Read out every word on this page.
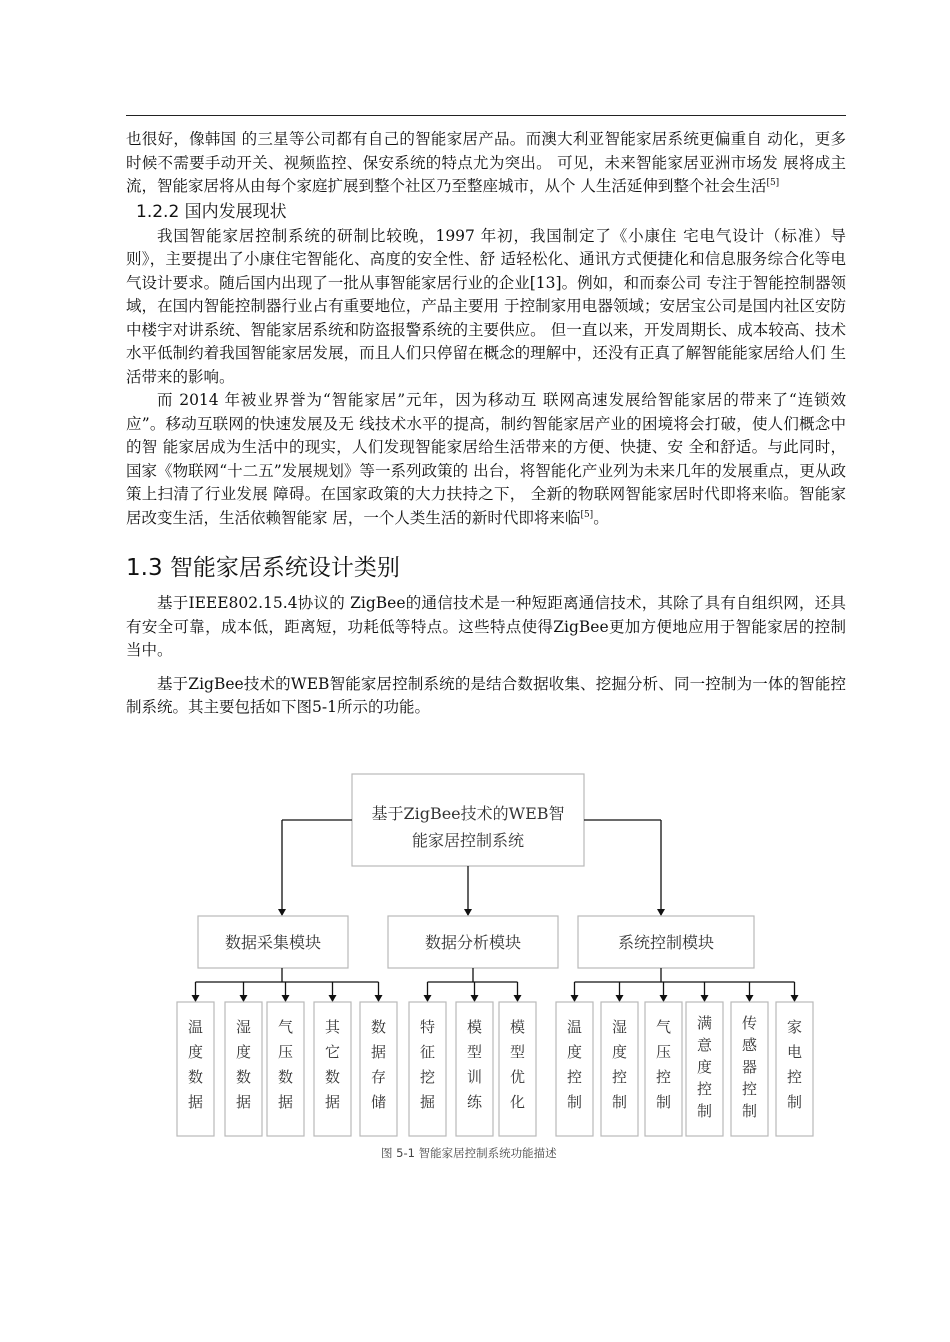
也很好，像韩国 的三星等公司都有自己的智能家居产品。而澳大利亚智能家居系统更偏重自 动化，更多时候不需要手动开关、视频监控、保安系统的特点尤为突出。 可见，未来智能家居亚洲市场发 展将成主流，智能家居将从由每个家庭扩展到整个社区乃至整座城市，从个 人生活延伸到整个社会生活[5]

1.2.2 国内发展现状

我国智能家居控制系统的研制比较晚，1997 年初，我国制定了《小康住 宅电气设计（标准）导则》，主要提出了小康住宅智能化、高度的安全性、舒 适轻松化、通讯方式便捷化和信息服务综合化等电气设计要求。随后国内出现了一批从事智能家居行业的企业[13]。例如，和而泰公司 专注于智能控制器领域，在国内智能控制器行业占有重要地位，产品主要用 于控制家用电器领域；安居宝公司是国内社区安防中楼宇对讲系统、智能家居系统和防盗报警系统的主要供应。 但一直以来，开发周期长、成本较高、技术水平低制约着我国智能家居发展，而且人们只停留在概念的理解中，还没有正真了解智能能家居给人们 生活带来的影响。

而 2014 年被业界誉为“智能家居”元年，因为移动互 联网高速发展给智能家居的带来了“连锁效应”。移动互联网的快速发展及无 线技术水平的提高，制约智能家居产业的困境将会打破，使人们概念中的智 能家居成为生活中的现实，人们发现智能家居给生活带来的方便、快捷、安 全和舒适。与此同时，国家《物联网“十二五”发展规划》等一系列政策的 出台，将智能化产业列为未来几年的发展重点，更从政策上扫清了行业发展 障碍。在国家政策的大力扶持之下， 全新的物联网智能家居时代即将来临。智能家居改变生活，生活依赖智能家 居，一个人类生活的新时代即将来临[5]。

1.3 智能家居系统设计类别

基于IEEE802.15.4协议的 ZigBee的通信技术是一种短距离通信技术，其除了具有自组织网，还具有安全可靠，成本低，距离短，功耗低等特点。这些特点使得ZigBee更加方便地应用于智能家居的控制当中。

基于ZigBee技术的WEB智能家居控制系统的是结合数据收集、挖掘分析、同一控制为一体的智能控制系统。其主要包括如下图5-1所示的功能。

基于ZigBee技术的WEB智
能家居控制系统
数据采集模块
温
度
数
据
湿
度
数
据
气
压
数
据
其
它
数
据
数
据
存
储
数据分析模块
特
征
挖
掘
模
型
训
练
模
型
优
化
系统控制模块
温
度
控
制
湿
度
控
制
气
压
控
制
满
意
度
控
制
传
感
器
控
制
家
电
控
制
图 5-1 智能家居控制系统功能描述
